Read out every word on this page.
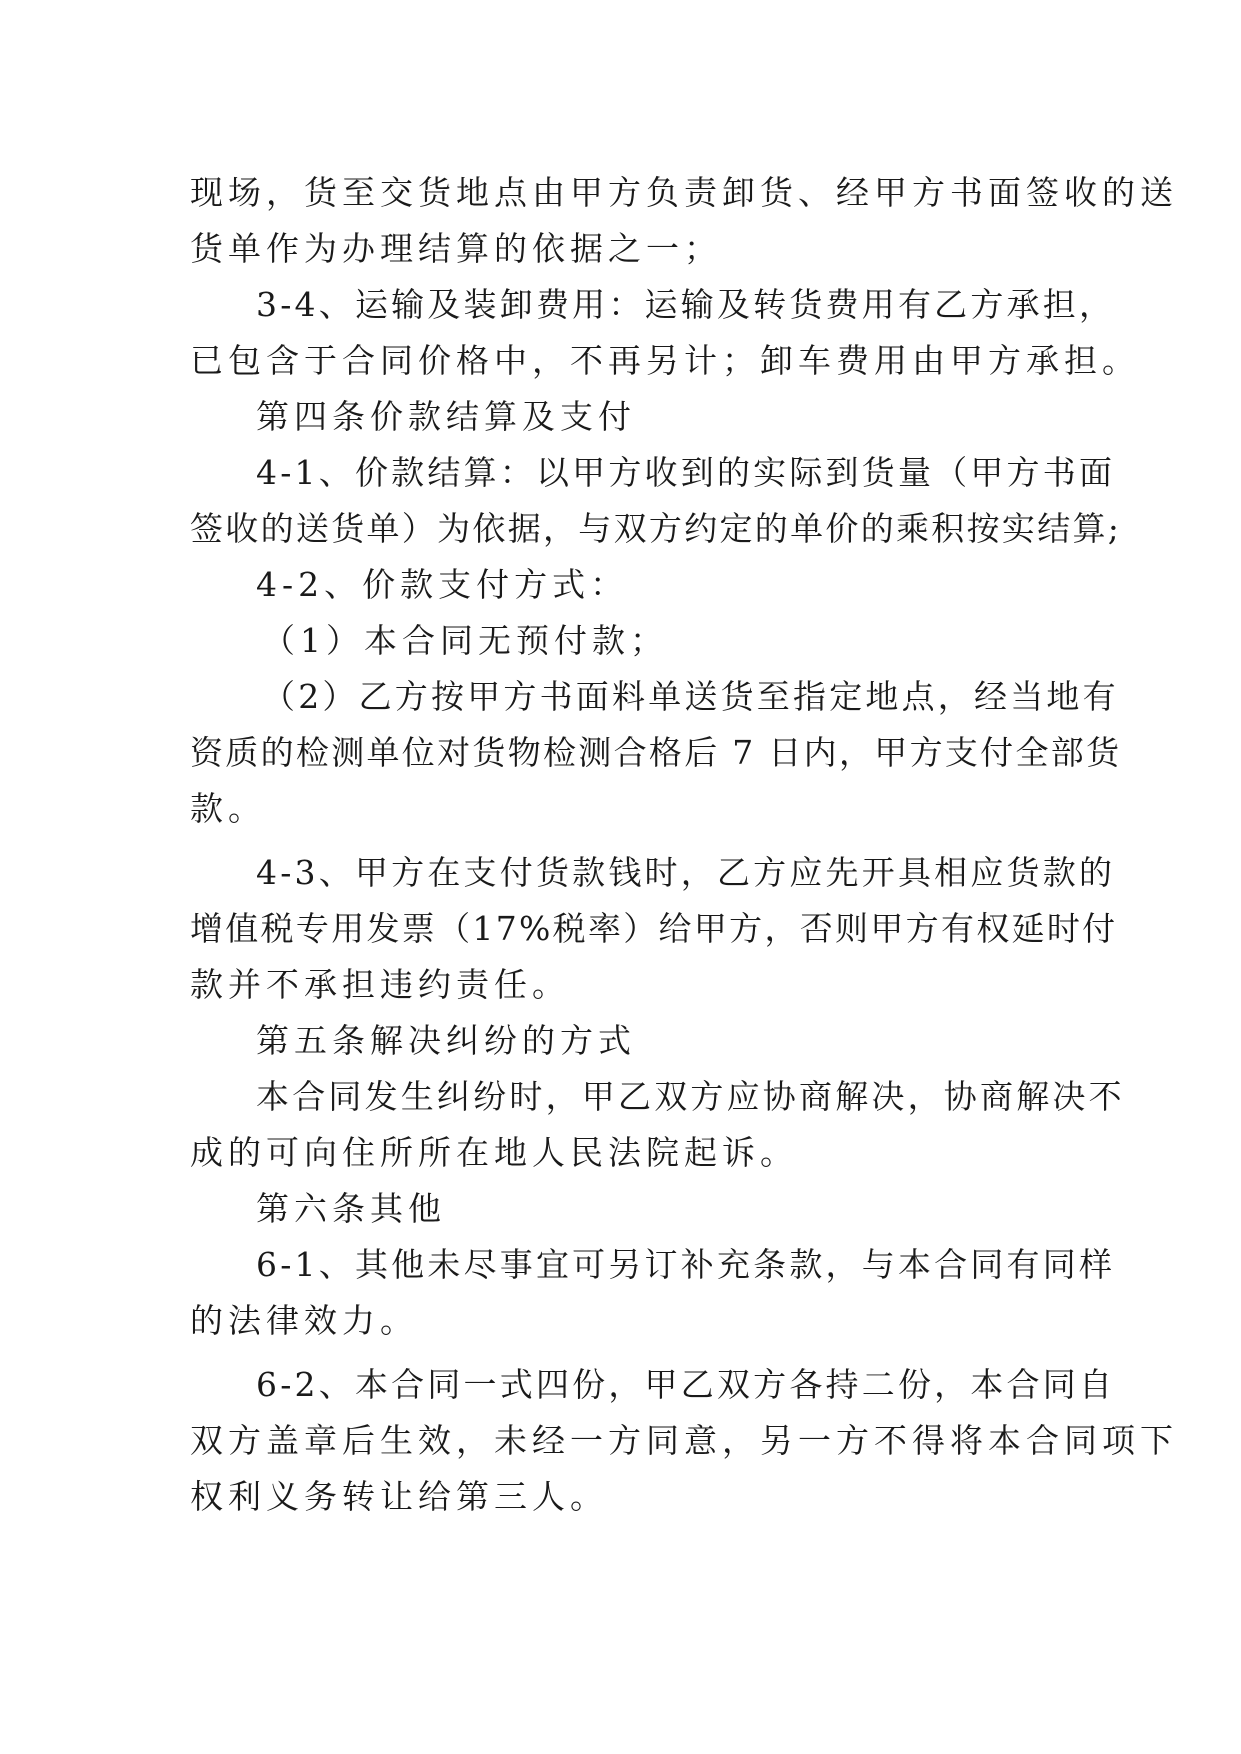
现场，货至交货地点由甲方负责卸货、经甲方书面签收的送
货单作为办理结算的依据之一；
3-4、运输及装卸费用：运输及转货费用有乙方承担，
已包含于合同价格中，不再另计；卸车费用由甲方承担。
第四条价款结算及支付
4-1、价款结算：以甲方收到的实际到货量（甲方书面
签收的送货单）为依据，与双方约定的单价的乘积按实结算;
4-2、价款支付方式：
（1）本合同无预付款；
（2）乙方按甲方书面料单送货至指定地点，经当地有
资质的检测单位对货物检测合格后 7 日内，甲方支付全部货
款。
4-3、甲方在支付货款钱时，乙方应先开具相应货款的
增值税专用发票（17%税率）给甲方，否则甲方有权延时付
款并不承担违约责任。
第五条解决纠纷的方式
本合同发生纠纷时，甲乙双方应协商解决，协商解决不
成的可向住所所在地人民法院起诉。
第六条其他
6-1、其他未尽事宜可另订补充条款，与本合同有同样
的法律效力。
6-2、本合同一式四份，甲乙双方各持二份，本合同自
双方盖章后生效，未经一方同意，另一方不得将本合同项下
权利义务转让给第三人。
